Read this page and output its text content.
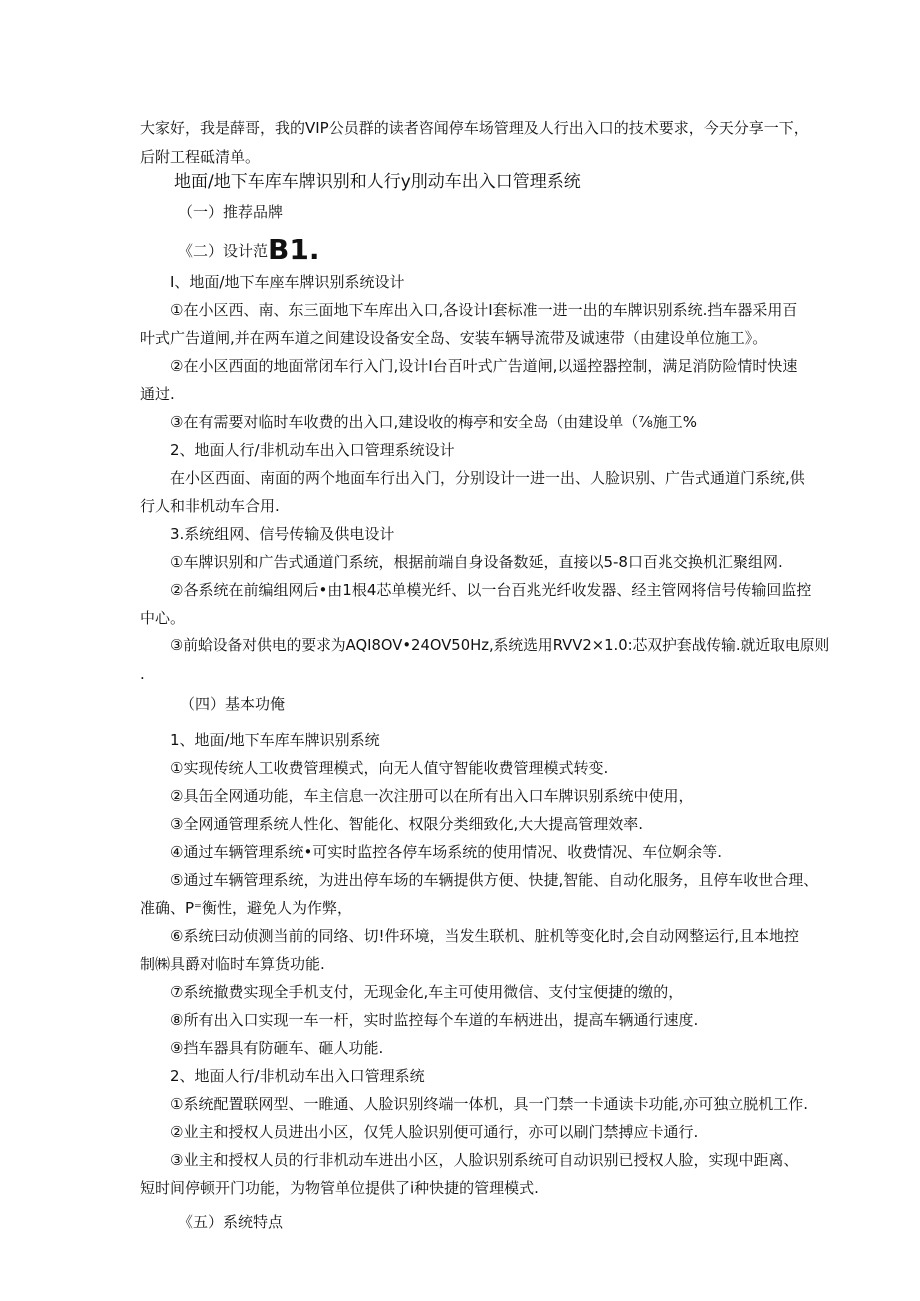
大家好，我是薛哥，我的VIP公员群的读者咨闻停车场管理及人行出入口的技术要求，今天分享一下，
后附工程砥清单。
地面/地下车库车牌识别和人行y刖动车出入口管理系统
（一）推荐品牌
《二）设计范B1.
I、地面/地下车座车牌识别系统设计
①在小区西、南、东三面地下车库出入口,各设计I套标准一进一出的车牌识别系统.挡车器采用百
叶式广告道闸,并在两车道之间建设设备安全岛、安装车辆导流带及诚速带（由建设单位施工》。
②在小区西面的地面常闭车行入门,设计I台百叶式广告道闸,以遥控器控制，满足消防险情时快速
通过.
③在有需要对临时车收费的出入口,建设收的梅亭和安全岛（由建设单（⅞施工%
2、地面人行/非机动车出入口管理系统设计
在小区西面、南面的两个地面车行出入门，分别设计一进一出、人脸识别、广告式通道门系统,供
行人和非机动车合用.
3.系统组网、信号传输及供电设计
①车牌识别和广告式通道门系统，根据前端自身设备数延，直接以5-8口百兆交换机汇聚组网.
②各系统在前编组网后•由1根4芯单模光纤、以一台百兆光纤收发器、经主管网将信号传输回监控
中心。
③前蛤设备对供电的要求为AQI8OV•24OV50Hz,系统选用RVV2×1.0:芯双护套战传输.就近取电原则
.
（四）基本功俺
1、地面/地下车库车牌识别系统
①实现传统人工收费管理模式，向无人值守智能收费管理模式转变.
②具缶全网通功能，车主信息一次注册可以在所有出入口车牌识别系统中使用，
③全网通管理系统人性化、智能化、权限分类细致化,大大提高管理效率.
④通过车辆管理系统•可实时监控各停车场系统的使用情况、收费情况、车位婀余等.
⑤通过车辆管理系统，为进出停车场的车辆提供方便、快捷,智能、自动化服务，且停车收世合理、
准确、P⁼衡性，避免人为作弊，
⑥系统曰动侦测当前的同络、切!件环境，当发生联机、脏机等变化时,会自动网整运行,且本地控
制㈱具爵对临时车算货功能.
⑦系统撤费实现全手机支付，无现金化,车主可使用微信、支付宝便捷的缴的，
⑧所有出入口实现一车一杆，实时监控每个车道的车柄进出，提高车辆通行速度.
⑨挡车器具有防砸车、砸人功能.
2、地面人行/非机动车出入口管理系统
①系统配置联网型、一睢通、人脸识别终端一体机，具一门禁一卡通读卡功能,亦可独立脱机工作.
②业主和授权人员进出小区，仅凭人脸识别便可通行，亦可以刷门禁搏应卡通行.
③业主和授权人员的行非机动车进出小区，人脸识别系统可自动识别已授权人脸，实现中距离、
短时间停顿开门功能，为物管单位提供了i种快捷的管理模式.
《五）系统特点
